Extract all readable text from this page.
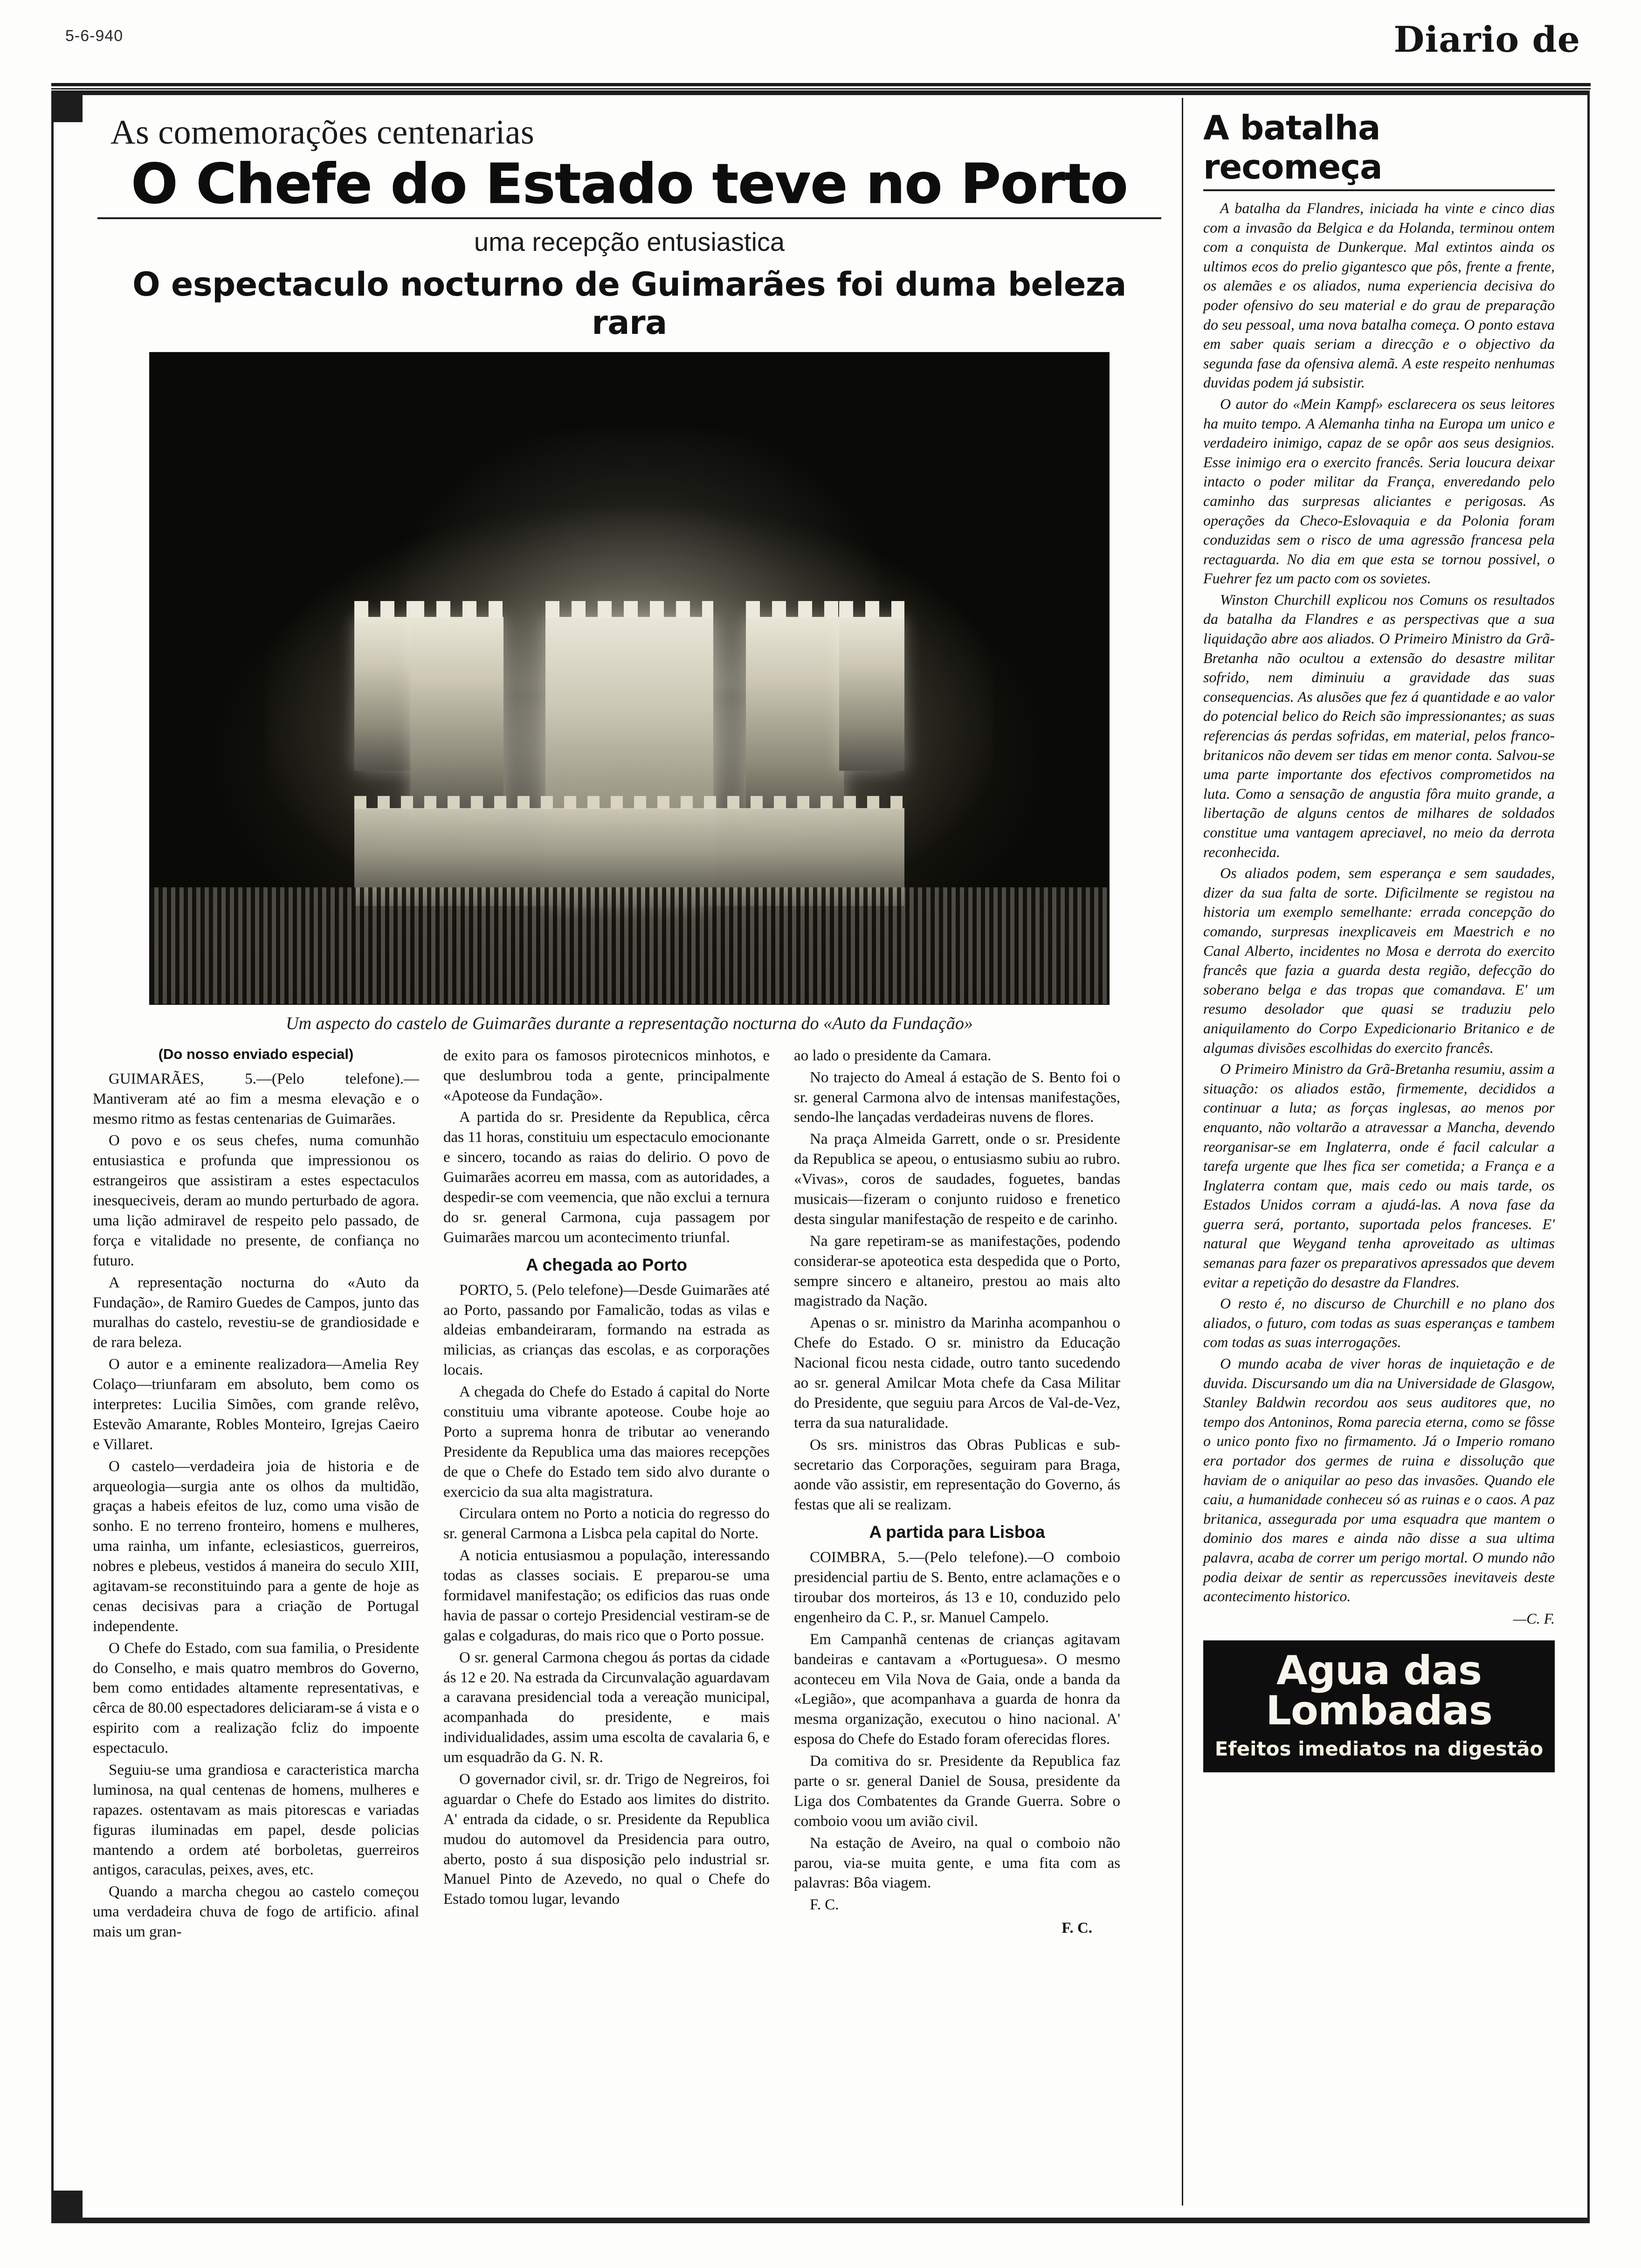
5-6-940	Diario de
As comemorações centenarias
O Chefe do Estado teve no Porto
uma recepção entusiastica
O espectaculo nocturno de Guimarães foi duma beleza rara
Um aspecto do castelo de Guimarães durante a representação nocturna do «Auto da Fundação»
(Do nosso enviado especial)

GUIMARÃES, 5.—(Pelo telefone).— Mantiveram até ao fim a mesma elevação e o mesmo ritmo as festas centenarias de Guimarães.

O povo e os seus chefes, numa comunhão entusiastica e profunda que impressionou os estrangeiros que assistiram a estes espectaculos inesqueciveis, deram ao mundo perturbado de agora. uma lição admiravel de respeito pelo passado, de força e vitalidade no presente, de confiança no futuro.

A representação nocturna do «Auto da Fundação», de Ramiro Guedes de Campos, junto das muralhas do castelo, revestiu-se de grandiosidade e de rara beleza.

O autor e a eminente realizadora—Amelia Rey Colaço—triunfaram em absoluto, bem como os interpretes: Lucilia Simões, com grande relêvo, Estevão Amarante, Robles Monteiro, Igrejas Caeiro e Villaret.

O castelo—verdadeira joia de historia e de arqueologia—surgia ante os olhos da multidão, graças a habeis efeitos de luz, como uma visão de sonho. E no terreno fronteiro, homens e mulheres, uma rainha, um infante, eclesiasticos, guerreiros, nobres e plebeus, vestidos á maneira do seculo XIII, agitavam-se reconstituindo para a gente de hoje as cenas decisivas para a criação de Portugal independente.

O Chefe do Estado, com sua familia, o Presidente do Conselho, e mais quatro membros do Governo, bem como entidades altamente representativas, e cêrca de 80.00 espectadores deliciaram-se á vista e o espirito com a realização fcliz do impoente espectaculo.

Seguiu-se uma grandiosa e caracteristica marcha luminosa, na qual centenas de homens, mulheres e rapazes. ostentavam as mais pitorescas e variadas figuras iluminadas em papel, desde policias mantendo a ordem até borboletas, guerreiros antigos, caraculas, peixes, aves, etc.

Quando a marcha chegou ao castelo começou uma verdadeira chuva de fogo de artificio. afinal mais um gran-

de exito para os famosos pirotecnicos minhotos, e que deslumbrou toda a gente, principalmente «Apoteose da Fundação».

A partida do sr. Presidente da Republica, cêrca das 11 horas, constituiu um espectaculo emocionante e sincero, tocando as raias do delirio. O povo de Guimarães acorreu em massa, com as autoridades, a despedir-se com veemencia, que não exclui a ternura do sr. general Carmona, cuja passagem por Guimarães marcou um acontecimento triunfal.

A chegada ao Porto

PORTO, 5. (Pelo telefone)—Desde Guimarães até ao Porto, passando por Famalicão, todas as vilas e aldeias embandeiraram, formando na estrada as milicias, as crianças das escolas, e as corporações locais.

A chegada do Chefe do Estado á capital do Norte constituiu uma vibrante apoteose. Coube hoje ao Porto a suprema honra de tributar ao venerando Presidente da Republica uma das maiores recepções de que o Chefe do Estado tem sido alvo durante o exercicio da sua alta magistratura.

Circulara ontem no Porto a noticia do regresso do sr. general Carmona a Lisbca pela capital do Norte.

A noticia entusiasmou a população, interessando todas as classes sociais. E preparou-se uma formidavel manifestação; os edificios das ruas onde havia de passar o cortejo Presidencial vestiram-se de galas e colgaduras, do mais rico que o Porto possue.

O sr. general Carmona chegou ás portas da cidade ás 12 e 20. Na estrada da Circunvalação aguardavam a caravana presidencial toda a vereação municipal, acompanhada do presidente, e mais individualidades, assim uma escolta de cavalaria 6, e um esquadrão da G. N. R.

O governador civil, sr. dr. Trigo de Negreiros, foi aguardar o Chefe do Estado aos limites do distrito. A' entrada da cidade, o sr. Presidente da Republica mudou do automovel da Presidencia para outro, aberto, posto á sua disposição pelo industrial sr. Manuel Pinto de Azevedo, no qual o Chefe do Estado tomou lugar, levando

ao lado o presidente da Camara.

No trajecto do Ameal á estação de S. Bento foi o sr. general Carmona alvo de intensas manifestações, sendo-lhe lançadas verdadeiras nuvens de flores.

Na praça Almeida Garrett, onde o sr. Presidente da Republica se apeou, o entusiasmo subiu ao rubro. «Vivas», coros de saudades, foguetes, bandas musicais—fizeram o conjunto ruidoso e frenetico desta singular manifestação de respeito e de carinho.

Na gare repetiram-se as manifestações, podendo considerar-se apoteotica esta despedida que o Porto, sempre sincero e altaneiro, prestou ao mais alto magistrado da Nação.

Apenas o sr. ministro da Marinha acompanhou o Chefe do Estado. O sr. ministro da Educação Nacional ficou nesta cidade, outro tanto sucedendo ao sr. general Amilcar Mota chefe da Casa Militar do Presidente, que seguiu para Arcos de Val-de-Vez, terra da sua naturalidade.

Os srs. ministros das Obras Publicas e sub-secretario das Corporações, seguiram para Braga, aonde vão assistir, em representação do Governo, ás festas que ali se realizam.

A partida para Lisboa

COIMBRA, 5.—(Pelo telefone).—O comboio presidencial partiu de S. Bento, entre aclamações e o tiroubar dos morteiros, ás 13 e 10, conduzido pelo engenheiro da C. P., sr. Manuel Campelo.

Em Campanhã centenas de crianças agitavam bandeiras e cantavam a «Portuguesa». O mesmo aconteceu em Vila Nova de Gaia, onde a banda da «Legião», que acompanhava a guarda de honra da mesma organização, executou o hino nacional. A' esposa do Chefe do Estado foram oferecidas flores.

Da comitiva do sr. Presidente da Republica faz parte o sr. general Daniel de Sousa, presidente da Liga dos Combatentes da Grande Guerra. Sobre o comboio voou um avião civil.

Na estação de Aveiro, na qual o comboio não parou, via-se muita gente, e uma fita com as palavras: Bôa viagem.

F. C.

F. C.
A batalha recomeça

A batalha da Flandres, iniciada ha vinte e cinco dias com a invasão da Belgica e da Holanda, terminou ontem com a conquista de Dunkerque. Mal extintos ainda os ultimos ecos do prelio gigantesco que pôs, frente a frente, os alemães e os aliados, numa experiencia decisiva do poder ofensivo do seu material e do grau de preparação do seu pessoal, uma nova batalha começa. O ponto estava em saber quais seriam a direcção e o objectivo da segunda fase da ofensiva alemã. A este respeito nenhumas duvidas podem já subsistir.

O autor do «Mein Kampf» esclarecera os seus leitores ha muito tempo. A Alemanha tinha na Europa um unico e verdadeiro inimigo, capaz de se opôr aos seus designios. Esse inimigo era o exercito francês. Seria loucura deixar intacto o poder militar da França, enveredando pelo caminho das surpresas aliciantes e perigosas. As operações da Checo-Eslovaquia e da Polonia foram conduzidas sem o risco de uma agressão francesa pela rectaguarda. No dia em que esta se tornou possivel, o Fuehrer fez um pacto com os sovietes.

Winston Churchill explicou nos Comuns os resultados da batalha da Flandres e as perspectivas que a sua liquidação abre aos aliados. O Primeiro Ministro da Grã-Bretanha não ocultou a extensão do desastre militar sofrido, nem diminuiu a gravidade das suas consequencias. As alusões que fez á quantidade e ao valor do potencial belico do Reich são impressionantes; as suas referencias ás perdas sofridas, em material, pelos franco-britanicos não devem ser tidas em menor conta. Salvou-se uma parte importante dos efectivos comprometidos na luta. Como a sensação de angustia fôra muito grande, a libertação de alguns centos de milhares de soldados constitue uma vantagem apreciavel, no meio da derrota reconhecida.

Os aliados podem, sem esperança e sem saudades, dizer da sua falta de sorte. Dificilmente se registou na historia um exemplo semelhante: errada concepção do comando, surpresas inexplicaveis em Maestrich e no Canal Alberto, incidentes no Mosa e derrota do exercito francês que fazia a guarda desta região, defecção do soberano belga e das tropas que comandava. E' um resumo desolador que quasi se traduziu pelo aniquilamento do Corpo Expedicionario Britanico e de algumas divisões escolhidas do exercito francês.

O Primeiro Ministro da Grã-Bretanha resumiu, assim a situação: os aliados estão, firmemente, decididos a continuar a luta; as forças inglesas, ao menos por enquanto, não voltarão a atravessar a Mancha, devendo reorganisar-se em Inglaterra, onde é facil calcular a tarefa urgente que lhes fica ser cometida; a França e a Inglaterra contam que, mais cedo ou mais tarde, os Estados Unidos corram a ajudá-las. A nova fase da guerra será, portanto, suportada pelos franceses. E' natural que Weygand tenha aproveitado as ultimas semanas para fazer os preparativos apressados que devem evitar a repetição do desastre da Flandres.

O resto é, no discurso de Churchill e no plano dos aliados, o futuro, com todas as suas esperanças e tambem com todas as suas interrogações.

O mundo acaba de viver horas de inquietação e de duvida. Discursando um dia na Universidade de Glasgow, Stanley Baldwin recordou aos seus auditores que, no tempo dos Antoninos, Roma parecia eterna, como se fôsse o unico ponto fixo no firmamento. Já o Imperio romano era portador dos germes de ruina e dissolução que haviam de o aniquilar ao peso das invasões. Quando ele caiu, a humanidade conheceu só as ruinas e o caos. A paz britanica, assegurada por uma esquadra que mantem o dominio dos mares e ainda não disse a sua ultima palavra, acaba de correr um perigo mortal. O mundo não podia deixar de sentir as repercussões inevitaveis deste acontecimento historico.

—C. F.
Agua das Lombadas
Efeitos imediatos na digestão
